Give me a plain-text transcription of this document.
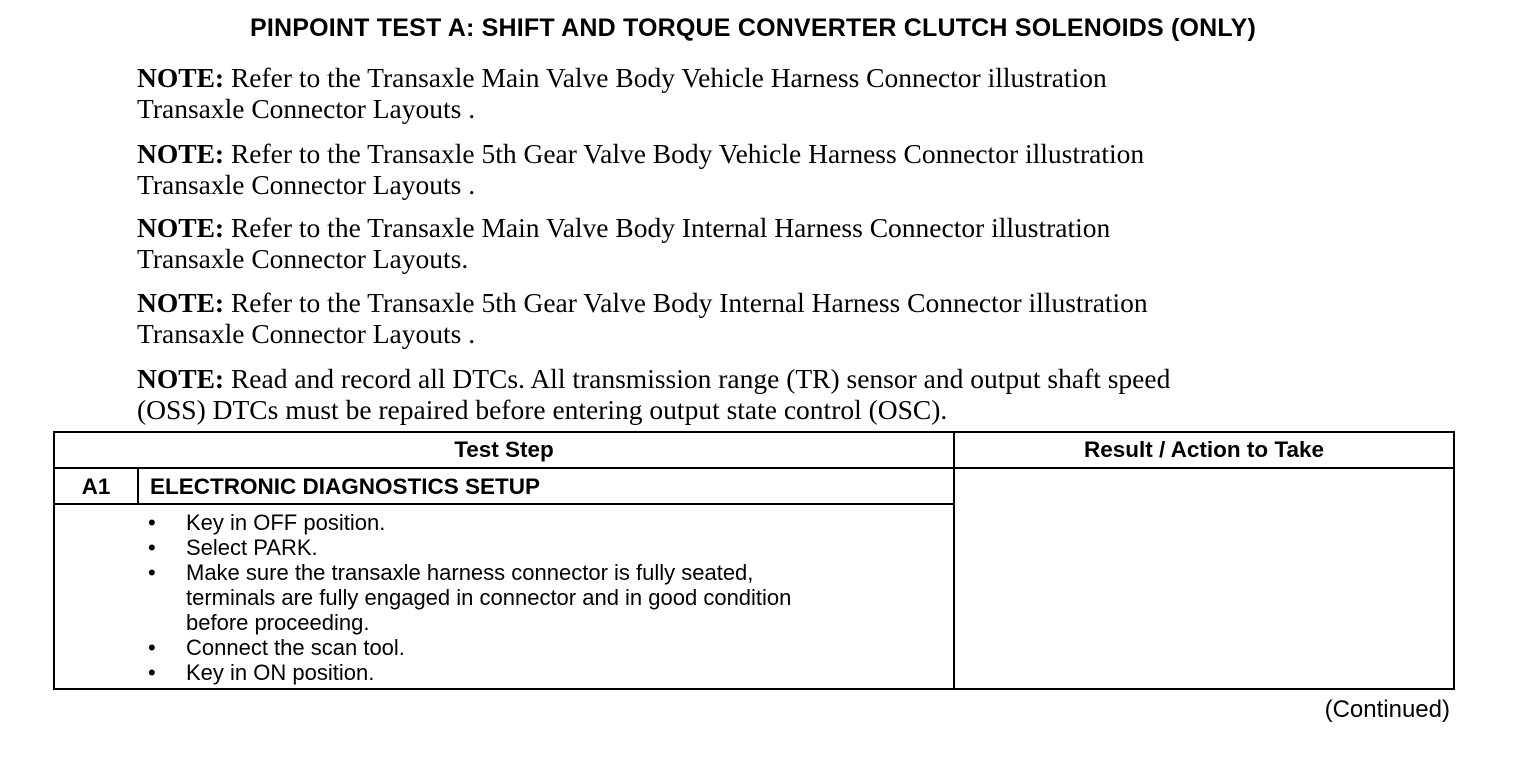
PINPOINT TEST A: SHIFT AND TORQUE CONVERTER CLUTCH SOLENOIDS (ONLY)
NOTE: Refer to the Transaxle Main Valve Body Vehicle Harness Connector illustration
Transaxle Connector Layouts .
NOTE: Refer to the Transaxle 5th Gear Valve Body Vehicle Harness Connector illustration
Transaxle Connector Layouts .
NOTE: Refer to the Transaxle Main Valve Body Internal Harness Connector illustration
Transaxle Connector Layouts.
NOTE: Refer to the Transaxle 5th Gear Valve Body Internal Harness Connector illustration
Transaxle Connector Layouts .
NOTE: Read and record all DTCs. All transmission range (TR) sensor and output shaft speed
(OSS) DTCs must be repaired before entering output state control (OSC).
Test Step	Result / Action to Take
A1	ELECTRONIC DIAGNOSTICS SETUP
• Key in OFF position.
• Select PARK.
• Make sure the transaxle harness connector is fully seated,
terminals are fully engaged in connector and in good condition
before proceeding.
• Connect the scan tool.
• Key in ON position.
(Continued)
